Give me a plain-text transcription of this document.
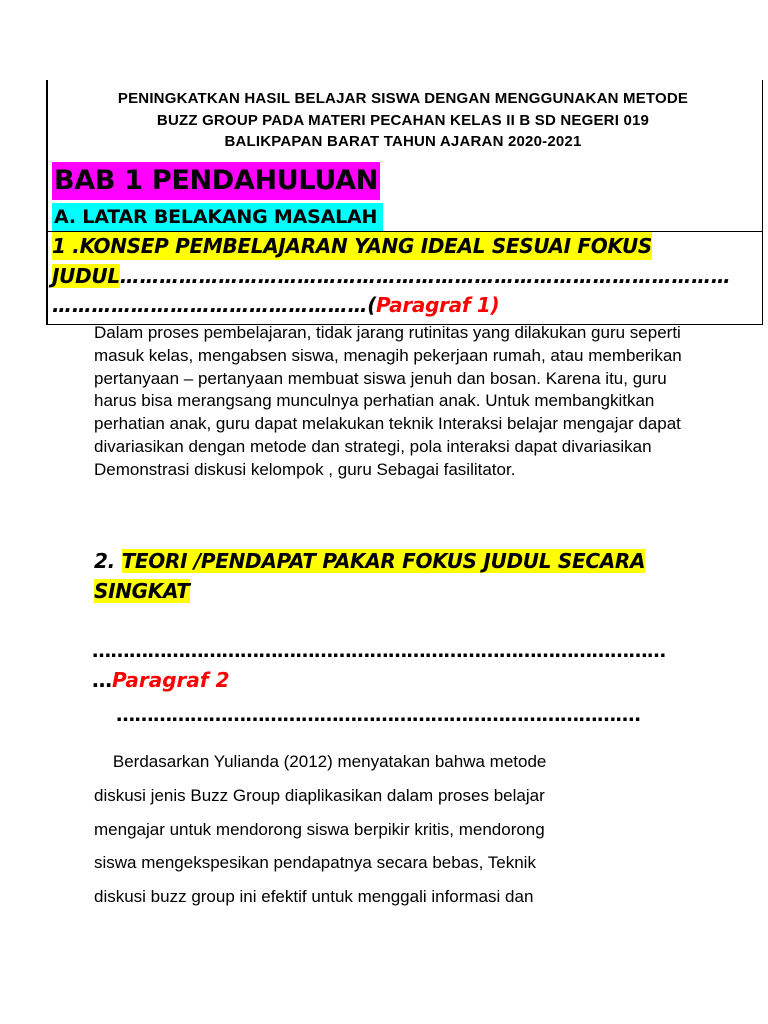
PENINGKATKAN HASIL BELAJAR SISWA DENGAN MENGGUNAKAN METODE
BUZZ GROUP PADA MATERI PECAHAN KELAS II B SD NEGERI 019
BALIKPAPAN BARAT TAHUN AJARAN 2020-2021
BAB 1 PENDAHULUAN
A. LATAR BELAKANG MASALAH
1 .KONSEP PEMBELAJARAN YANG IDEAL SESUAI FOKUS
JUDUL…………………………………………………………………………………
…………………………………………(Paragraf 1)
Dalam proses pembelajaran, tidak jarang rutinitas yang dilakukan guru seperti masuk kelas, mengabsen siswa, menagih pekerjaan rumah, atau memberikan pertanyaan – pertanyaan membuat siswa jenuh dan bosan. Karena itu, guru harus bisa merangsang munculnya perhatian anak. Untuk membangkitkan perhatian anak, guru dapat melakukan teknik Interaksi belajar mengajar dapat divariasikan dengan metode dan strategi, pola interaksi dapat divariasikan Demonstrasi diskusi kelompok , guru Sebagai fasilitator.
2. TEORI /PENDAPAT PAKAR FOKUS JUDUL SECARA
SINGKAT
…………………………………………………………………………………
…Paragraf 2
………………………………………………………………………….
Berdasarkan Yulianda (2012) menyatakan bahwa metode
diskusi jenis Buzz Group diaplikasikan dalam proses belajar
mengajar untuk mendorong siswa berpikir kritis, mendorong
siswa mengekspesikan pendapatnya secara bebas, Teknik
diskusi buzz group ini efektif untuk menggali informasi dan
